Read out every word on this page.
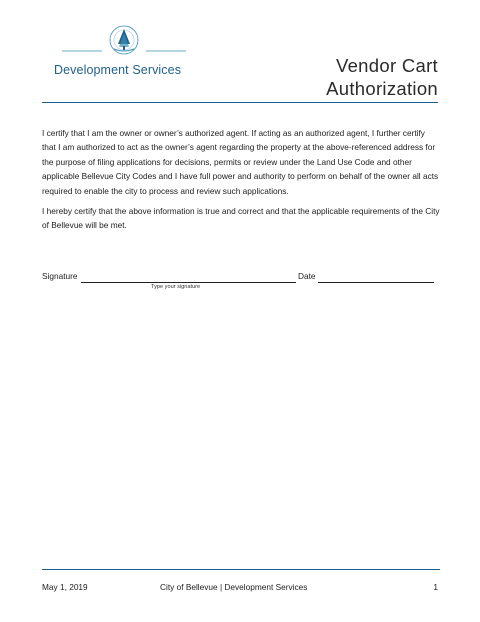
Development Services	Vendor Cart
Authorization

I certify that I am the owner or owner’s authorized agent. If acting as an authorized agent, I further certify that I am authorized to act as the owner’s agent regarding the property at the above-referenced address for the purpose of filing applications for decisions, permits or review under the Land Use Code and other applicable Bellevue City Codes and I have full power and authority to perform on behalf of the owner all acts required to enable the city to process and review such applications.

I hereby certify that the above information is true and correct and that the applicable requirements of the City of Bellevue will be met.

Signature
Type your signature
Date
May 1, 2019	City of Bellevue | Development Services	1
